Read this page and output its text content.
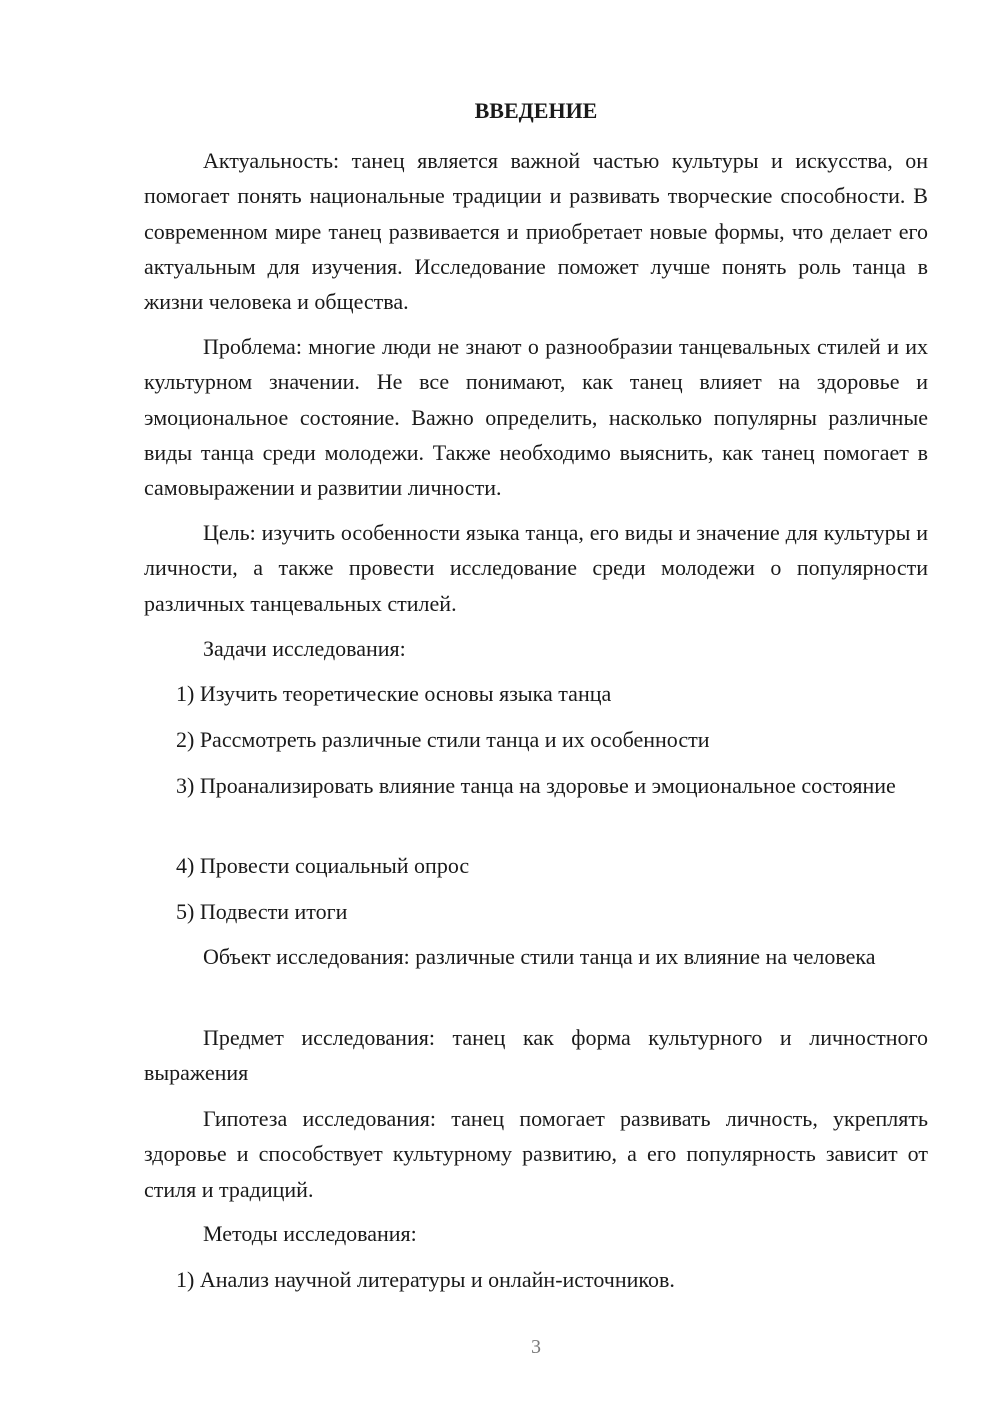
ВВЕДЕНИЕ

Актуальность: танец является важной частью культуры и искусства, он помогает понять национальные традиции и развивать творческие способности. В современном мире танец развивается и приобретает новые формы, что делает его актуальным для изучения. Исследование поможет лучше понять роль танца в жизни человека и общества.

Проблема: многие люди не знают о разнообразии танцевальных стилей и их культурном значении. Не все понимают, как танец влияет на здоровье и эмоциональное состояние. Важно определить, насколько популярны различные виды танца среди молодежи. Также необходимо выяснить, как танец помогает в самовыражении и развитии личности.

Цель: изучить особенности языка танца, его виды и значение для культуры и личности, а также провести исследование среди молодежи о популярности различных танцевальных стилей.

Задачи исследования:

1) Изучить теоретические основы языка танца

2) Рассмотреть различные стили танца и их особенности

3) Проанализировать влияние танца на здоровье и эмоциональное состояние

4) Провести социальный опрос

5) Подвести итоги

Объект исследования: различные стили танца и их влияние на человека

Предмет исследования: танец как форма культурного и личностного выражения

Гипотеза исследования: танец помогает развивать личность, укреплять здоровье и способствует культурному развитию, а его популярность зависит от стиля и традиций.

Методы исследования:

1) Анализ научной литературы и онлайн-источников.

3
